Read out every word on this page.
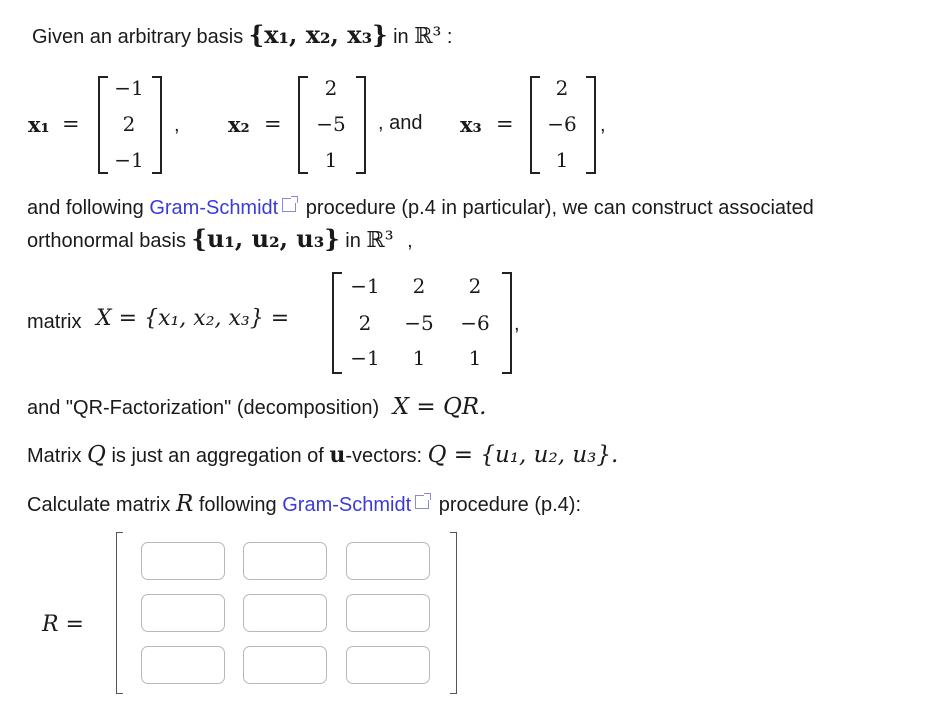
Given an arbitrary basis {x₁, x₂, x₃} in ℝ³ :
x₁ =
−1
2
−1
, x₂ =
2
−5
1
, and x₃ =
2
−6
1
,
and following Gram-Schmidt procedure (p.4 in particular), we can construct associated
orthonormal basis {u₁, u₂, u₃} in ℝ³ ,
matrix X = {x₁, x₂, x₃} =
−1	2	2
2	−5	−6
−1	1	1
,
and "QR-Factorization" (decomposition) X = QR.
Matrix Q is just an aggregation of u-vectors: Q = {u₁, u₂, u₃}.
Calculate matrix R following Gram-Schmidt procedure (p.4):
R =
